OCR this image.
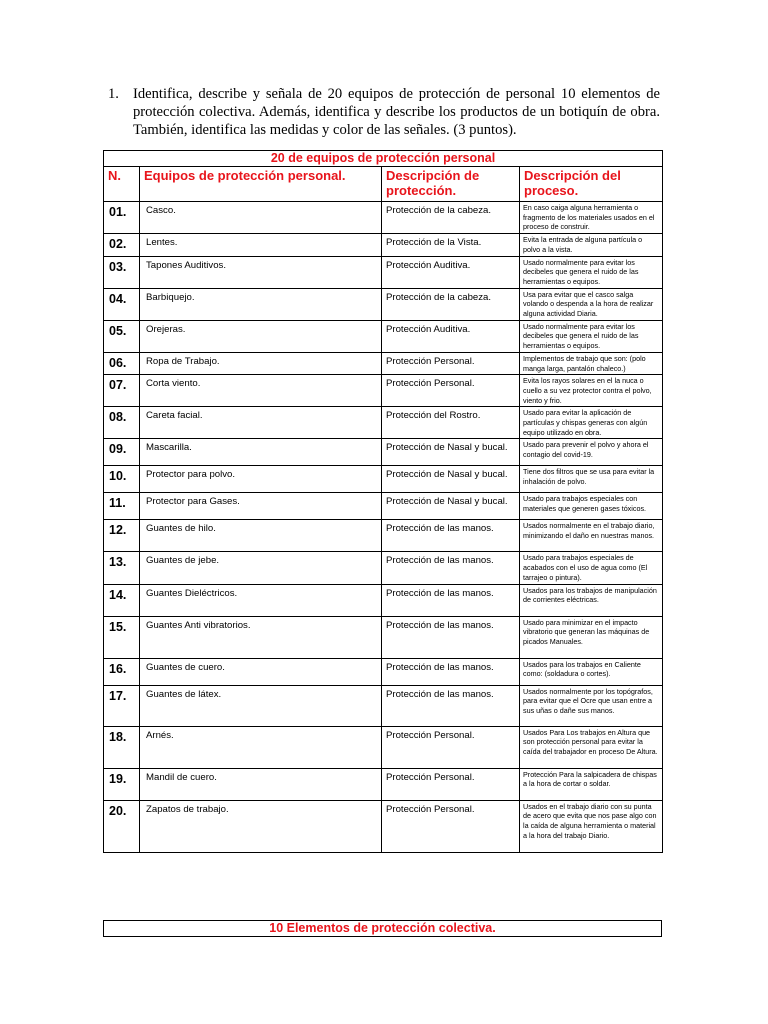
1. Identifica, describe y señala de 20 equipos de protección de personal 10 elementos de protección colectiva. Además, identifica y describe los productos de un botiquín de obra. También, identifica las medidas y color de las señales. (3 puntos).
20 de equipos de protección personal			
N.	Equipos de protección personal.	Descripción de protección.	Descripción del proceso.
01.	Casco.	Protección de la cabeza.	En caso caiga alguna herramienta o fragmento de los materiales usados en el proceso de construir.
02.	Lentes.	Protección de la Vista.	Evita la entrada de alguna partícula o polvo a la vista.
03.	Tapones Auditivos.	Protección Auditiva.	Usado normalmente para evitar los decibeles que genera el ruido de las herramientas o equipos.
04.	Barbiquejo.	Protección de la cabeza.	Usa para evitar que el casco salga volando o despenda a la hora de realizar alguna actividad Diaria.
05.	Orejeras.	Protección Auditiva.	Usado normalmente para evitar los decibeles que genera el ruido de las herramientas o equipos.
06.	Ropa de Trabajo.	Protección Personal.	Implementos de trabajo que son: (polo manga larga, pantalón chaleco.)
07.	Corta viento.	Protección Personal.	Evita los rayos solares en el la nuca o cuello a su vez protector contra el polvo, viento y frio.
08.	Careta facial.	Protección del Rostro.	Usado para evitar la aplicación de partículas y chispas generas con algún equipo utilizado en obra.
09.	Mascarilla.	Protección de Nasal y bucal.	Usado para prevenir el polvo y ahora el contagio del covid-19.
10.	Protector para polvo.	Protección de Nasal y bucal.	Tiene dos filtros que se usa para evitar la inhalación de polvo.
11.	Protector para Gases.	Protección de Nasal y bucal.	Usado para trabajos especiales con materiales que generen gases tóxicos.
12.	Guantes de hilo.	Protección de las manos.	Usados normalmente en el trabajo diario, minimizando el daño en nuestras manos.
13.	Guantes de jebe.	Protección de las manos.	Usado para trabajos especiales de acabados con el uso de agua como (El tarrajeo o pintura).
14.	Guantes Dieléctricos.	Protección de las manos.	Usados para los trabajos de manipulación de corrientes eléctricas.
15.	Guantes Anti vibratorios.	Protección de las manos.	Usado para minimizar en el impacto vibratorio que generan las máquinas de picados Manuales.
16.	Guantes de cuero.	Protección de las manos.	Usados para los trabajos en Caliente como: (soldadura o cortes).
17.	Guantes de látex.	Protección de las manos.	Usados normalmente por los topógrafos, para evitar que el Ocre que usan entre a sus uñas o dañe sus manos.
18.	Arnés.	Protección Personal.	Usados Para Los trabajos en Altura que son protección personal para evitar la caída del trabajador en proceso De Altura.
19.	Mandil de cuero.	Protección Personal.	Protección Para la salpicadera de chispas a la hora de cortar o soldar.
20.	Zapatos de trabajo.	Protección Personal.	Usados en el trabajo diario con su punta de acero que evita que nos pase algo con la caída de alguna herramienta o material a la hora del trabajo Diario.
10 Elementos de protección colectiva.
